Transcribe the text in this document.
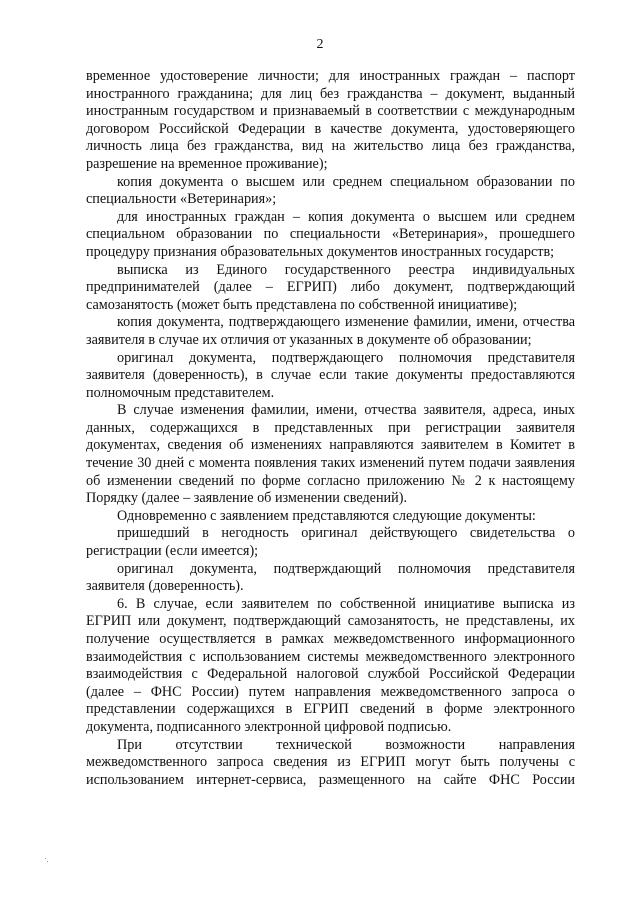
2

временное удостоверение личности; для иностранных граждан – паспорт иностранного гражданина; для лиц без гражданства – документ, выданный иностранным государством и признаваемый в соответствии с международным договором Российской Федерации в качестве документа, удостоверяющего личность лица без гражданства, вид на жительство лица без гражданства, разрешение на временное проживание);

копия документа о высшем или среднем специальном образовании по специальности «Ветеринария»;

для иностранных граждан – копия документа о высшем или среднем специальном образовании по специальности «Ветеринария», прошедшего процедуру признания образовательных документов иностранных государств;

выписка из Единого государственного реестра индивидуальных предпринимателей (далее – ЕГРИП) либо документ, подтверждающий самозанятость (может быть представлена по собственной инициативе);

копия документа, подтверждающего изменение фамилии, имени, отчества заявителя в случае их отличия от указанных в документе об образовании;

оригинал документа, подтверждающего полномочия представителя заявителя (доверенность), в случае если такие документы предоставляются полномочным представителем.

В случае изменения фамилии, имени, отчества заявителя, адреса, иных данных, содержащихся в представленных при регистрации заявителя документах, сведения об изменениях направляются заявителем в Комитет в течение 30 дней с момента появления таких изменений путем подачи заявления об изменении сведений по форме согласно приложению № 2 к настоящему Порядку (далее – заявление об изменении сведений).

Одновременно с заявлением представляются следующие документы:

пришедший в негодность оригинал действующего свидетельства о регистрации (если имеется);

оригинал документа, подтверждающий полномочия представителя заявителя (доверенность).

6. В случае, если заявителем по собственной инициативе выписка из ЕГРИП или документ, подтверждающий самозанятость, не представлены, их получение осуществляется в рамках межведомственного информационного взаимодействия с использованием системы межведомственного электронного взаимодействия с Федеральной налоговой службой Российской Федерации (далее – ФНС России) путем направления межведомственного запроса о представлении содержащихся в ЕГРИП сведений в форме электронного документа, подписанного электронной цифровой подписью.

При отсутствии технической возможности направления межведомственного запроса сведения из ЕГРИП могут быть получены с использованием интернет-сервиса, размещенного на сайте ФНС России
